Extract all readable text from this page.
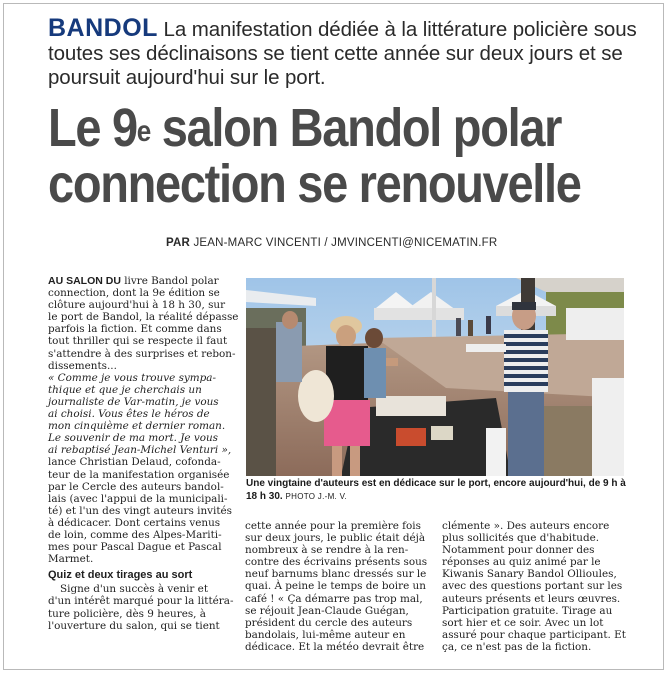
BANDOL La manifestation dédiée à la littérature policière sous toutes ses déclinaisons se tient cette année sur deux jours et se poursuit aujourd'hui sur le port.
Le 9e salon Bandol polar
connection se renouvelle
PAR JEAN-MARC VINCENTI / JMVINCENTI@NICEMATIN.FR
AU SALON DU livre Bandol polar
connection, dont la 9e édition se
clôture aujourd'hui à 18 h 30, sur
le port de Bandol, la réalité dépasse
parfois la fiction. Et comme dans
tout thriller qui se respecte il faut
s'attendre à des surprises et rebon-
dissements...
« Comme je vous trouve sympa-
thique et que je cherchais un
journaliste de Var-matin, je vous
ai choisi. Vous êtes le héros de
mon cinquième et dernier roman.
Le souvenir de ma mort. Je vous
ai rebaptisé Jean-Michel Venturi »,
lance Christian Delaud, cofonda-
teur de la manifestation organisée
par le Cercle des auteurs bandol-
lais (avec l'appui de la municipali-
té) et l'un des vingt auteurs invités
à dédicacer. Dont certains venus
de loin, comme des Alpes-Mariti-
mes pour Pascal Dague et Pascal
Marmet.
Quiz et deux tirages au sort
Signe d'un succès à venir et
d'un intérêt marqué pour la littéra-
ture policière, dès 9 heures, à
l'ouverture du salon, qui se tient
Une vingtaine d'auteurs est en dédicace sur le port, encore aujourd'hui, de 9 h à 18 h 30. PHOTO J.-M. V.
cette année pour la première fois
sur deux jours, le public était déjà
nombreux à se rendre à la ren-
contre des écrivains présents sous
neuf barnums blanc dressés sur le
quai. À peine le temps de boire un
café ! « Ça démarre pas trop mal,
se réjouit Jean-Claude Guégan,
président du cercle des auteurs
bandolais, lui-même auteur en
dédicace. Et la météo devrait être
clémente ». Des auteurs encore
plus sollicités que d'habitude.
Notamment pour donner des
réponses au quiz animé par le
Kiwanis Sanary Bandol Ollioules,
avec des questions portant sur les
auteurs présents et leurs œuvres.
Participation gratuite. Tirage au
sort hier et ce soir. Avec un lot
assuré pour chaque participant. Et
ça, ce n'est pas de la fiction.
